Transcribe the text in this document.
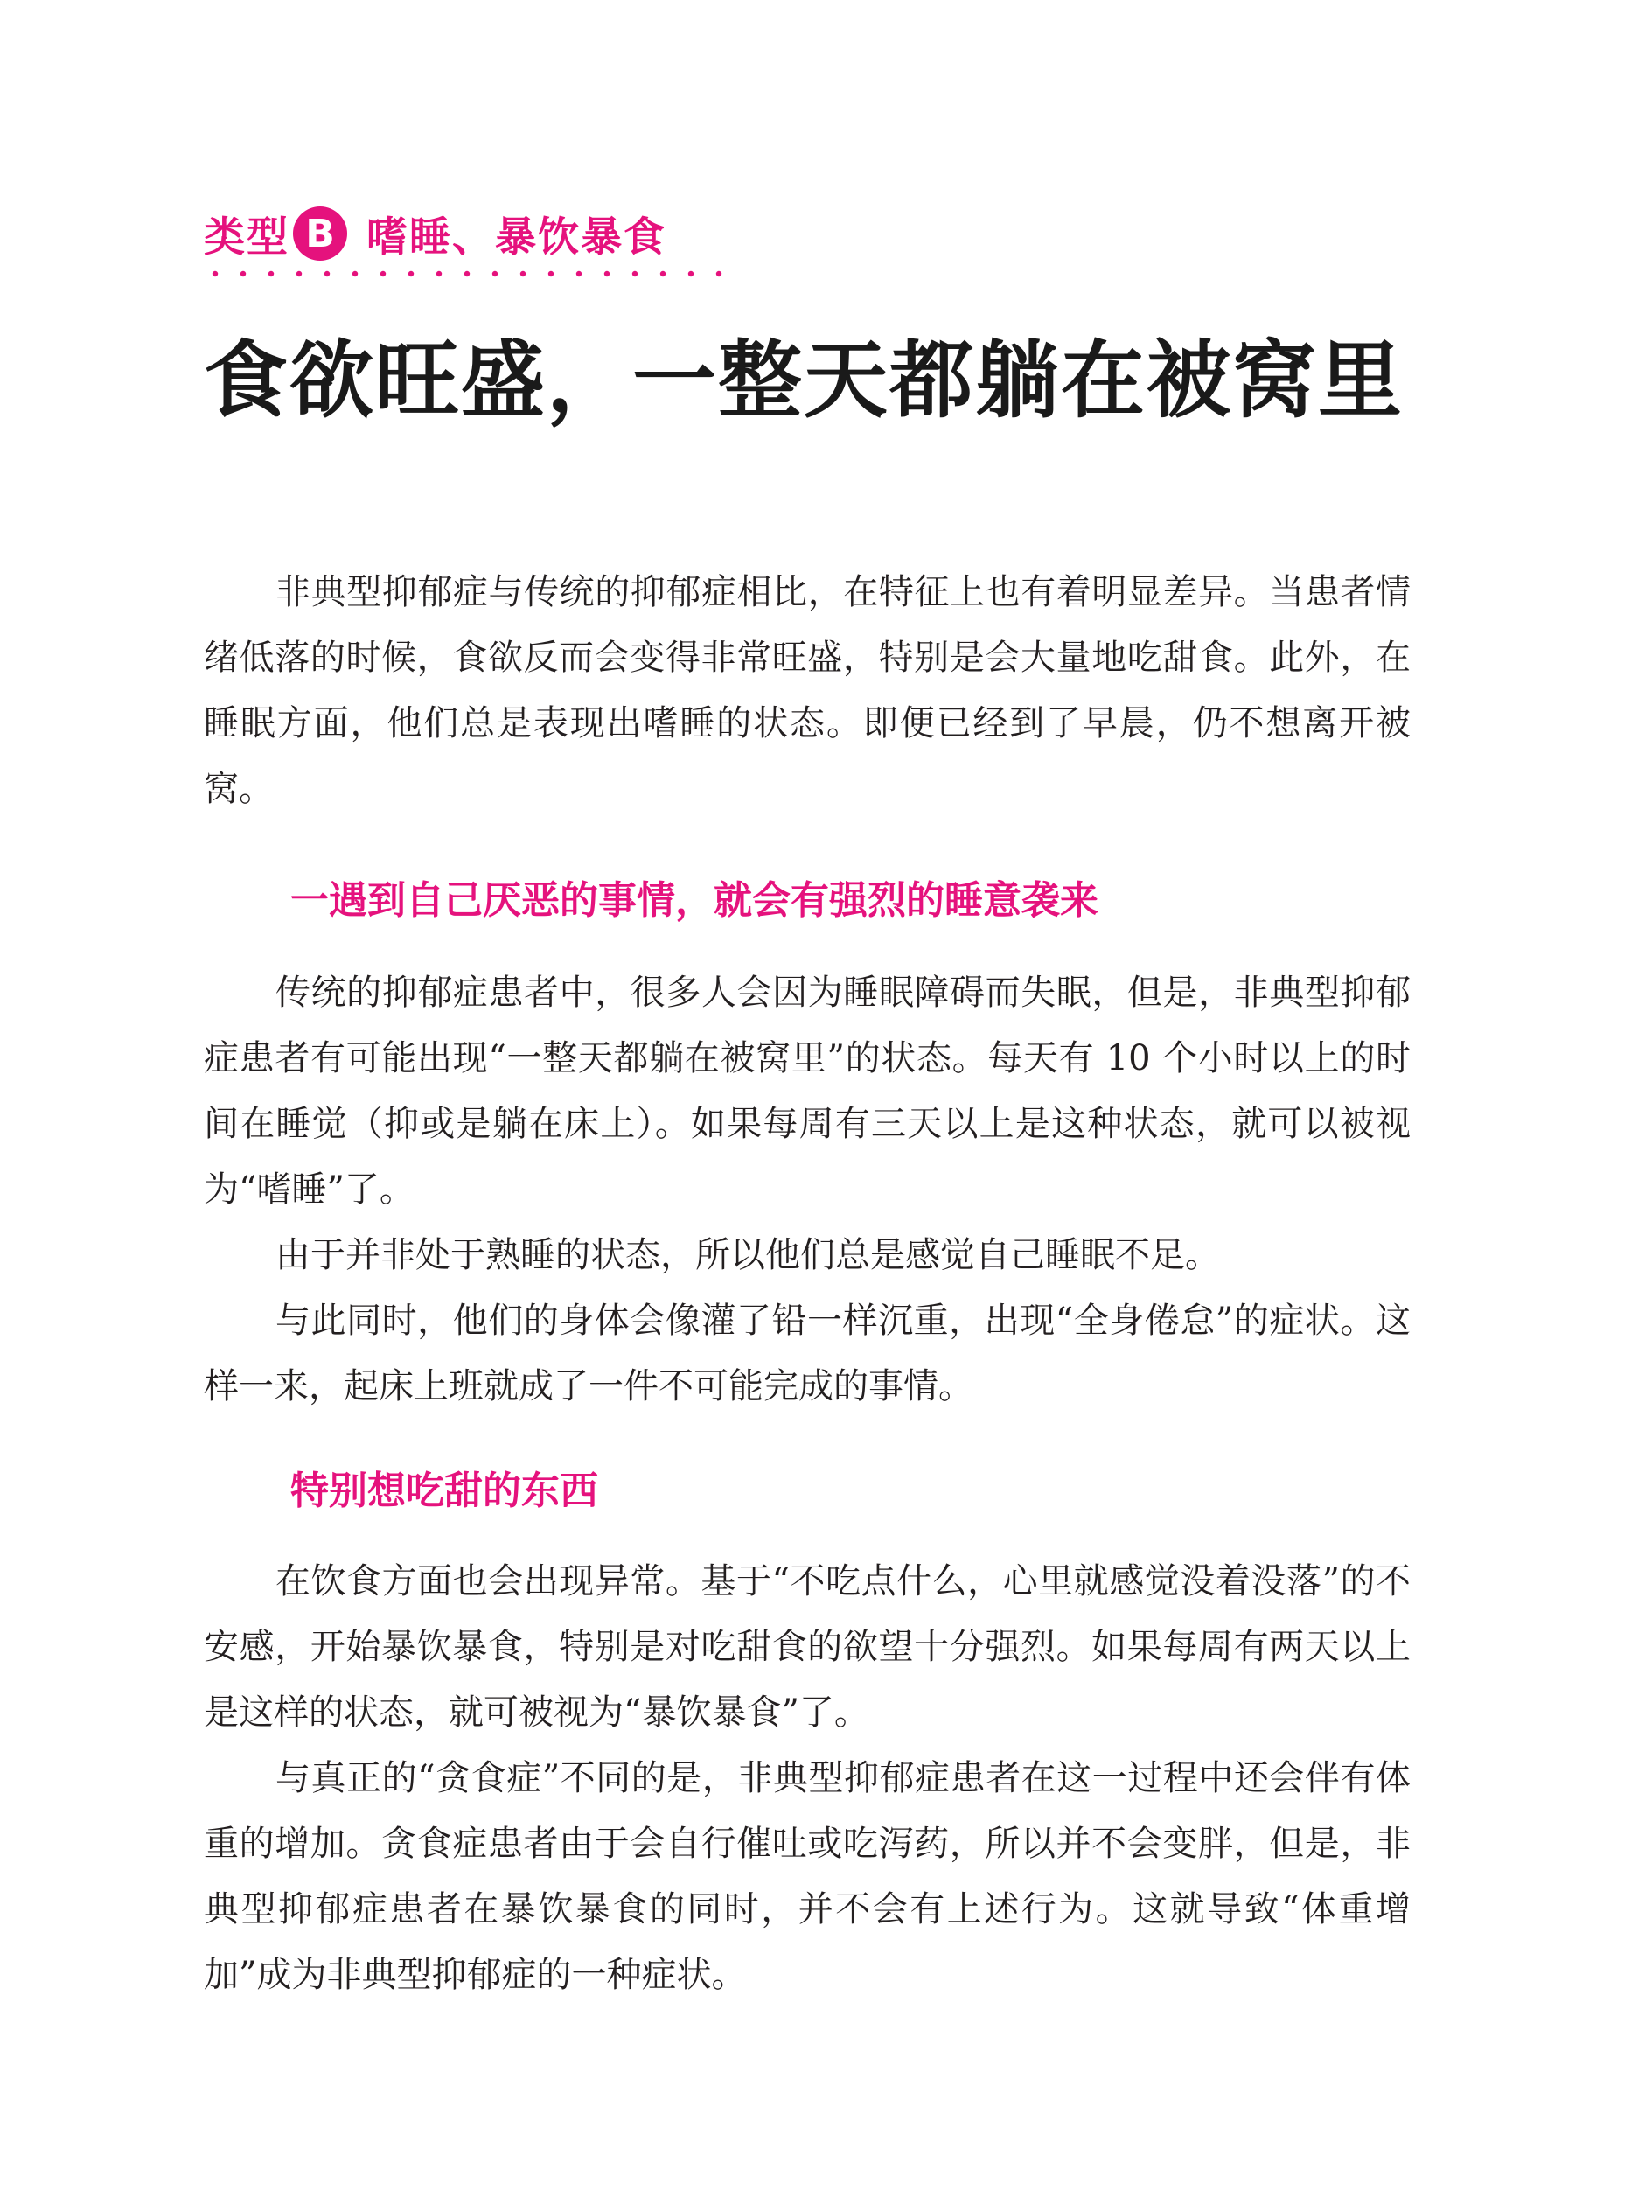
类型 B 嗜睡、暴饮暴食
食欲旺盛，一整天都躺在被窝里

非典型抑郁症与传统的抑郁症相比，在特征上也有着明显差异。当患者情绪低落的时候，食欲反而会变得非常旺盛，特别是会大量地吃甜食。此外，在睡眠方面，他们总是表现出嗜睡的状态。即便已经到了早晨，仍不想离开被窝。

一遇到自己厌恶的事情，就会有强烈的睡意袭来

传统的抑郁症患者中，很多人会因为睡眠障碍而失眠，但是，非典型抑郁症患者有可能出现“一整天都躺在被窝里”的状态。每天有 10 个小时以上的时间在睡觉（抑或是躺在床上）。如果每周有三天以上是这种状态，就可以被视为“嗜睡”了。

由于并非处于熟睡的状态，所以他们总是感觉自己睡眠不足。

与此同时，他们的身体会像灌了铅一样沉重，出现“全身倦怠”的症状。这样一来，起床上班就成了一件不可能完成的事情。

特别想吃甜的东西

在饮食方面也会出现异常。基于“不吃点什么，心里就感觉没着没落”的不安感，开始暴饮暴食，特别是对吃甜食的欲望十分强烈。如果每周有两天以上是这样的状态，就可被视为“暴饮暴食”了。

与真正的“贪食症”不同的是，非典型抑郁症患者在这一过程中还会伴有体重的增加。贪食症患者由于会自行催吐或吃泻药，所以并不会变胖，但是，非典型抑郁症患者在暴饮暴食的同时，并不会有上述行为。这就导致“体重增加”成为非典型抑郁症的一种症状。
